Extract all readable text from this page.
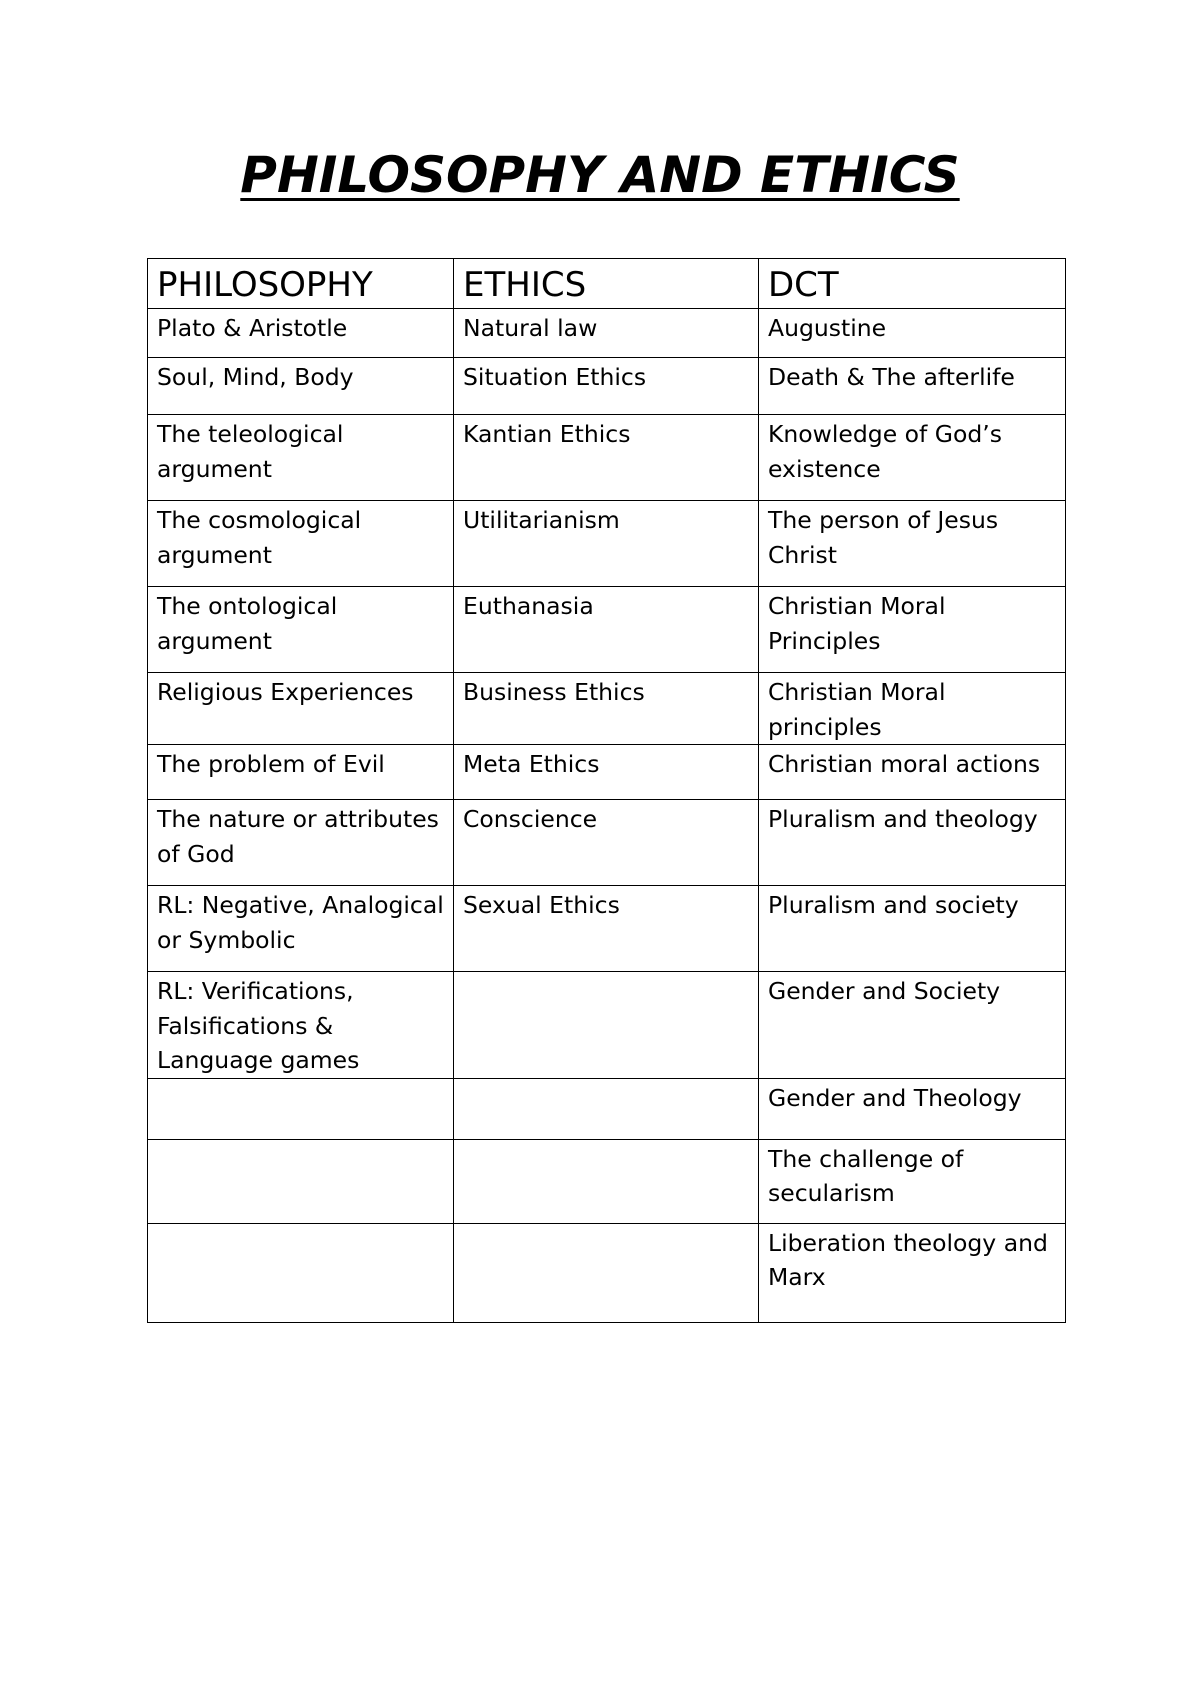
PHILOSOPHY AND ETHICS
PHILOSOPHY	ETHICS	DCT
Plato & Aristotle	Natural law	Augustine
Soul, Mind, Body	Situation Ethics	Death & The afterlife
The teleological argument	Kantian Ethics	Knowledge of God’s existence
The cosmological argument	Utilitarianism	The person of Jesus Christ
The ontological argument	Euthanasia	Christian Moral Principles
Religious Experiences	Business Ethics	Christian Moral principles
The problem of Evil	Meta Ethics	Christian moral actions
The nature or attributes of God	Conscience	Pluralism and theology
RL: Negative, Analogical or Symbolic	Sexual Ethics	Pluralism and society
RL: Verifications, Falsifications & Language games		Gender and Society
		Gender and Theology
		The challenge of secularism
		Liberation theology and Marx
